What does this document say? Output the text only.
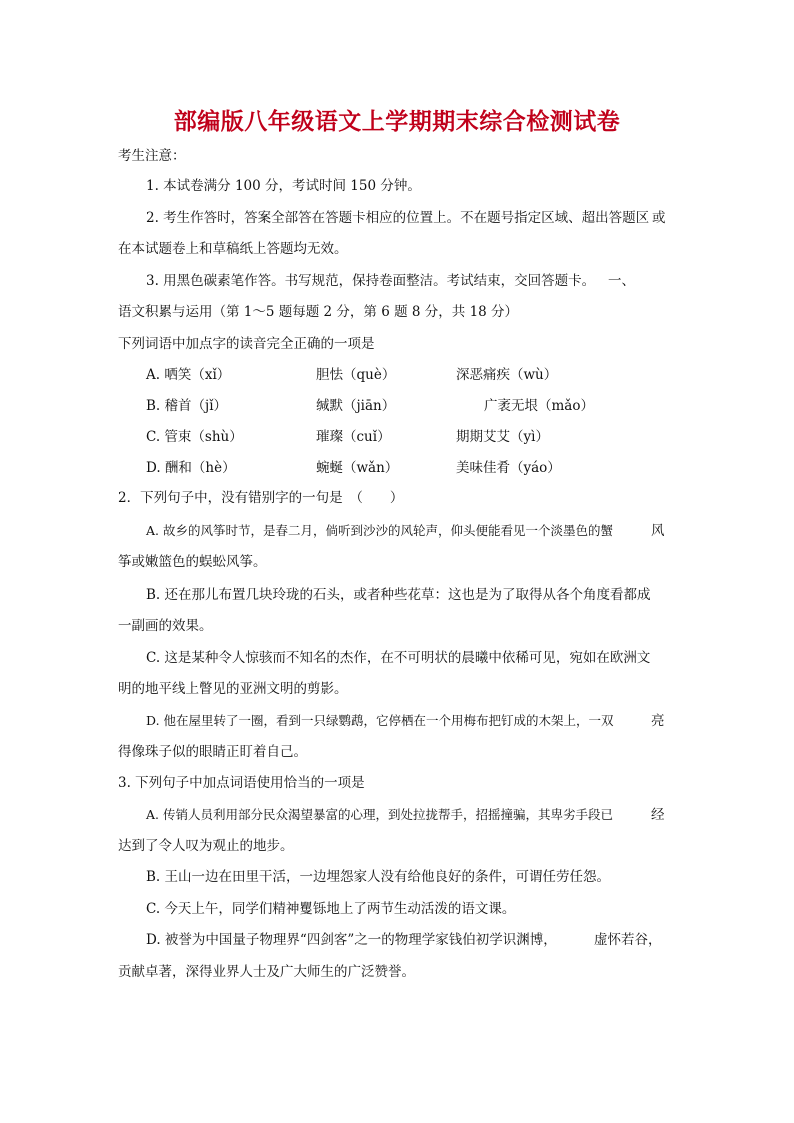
部编版八年级语文上学期期末综合检测试卷
考生注意：
1. 本试卷满分 100 分，考试时间 150 分钟。
2. 考生作答时，答案全部答在答题卡相应的位置上。不在题号指定区域、超出答题区 或
在本试题卷上和草稿纸上答题均无效。
3. 用黑色碳素笔作答。书写规范，保持卷面整洁。考试结束，交回答题卡。 一、
语文积累与运用（第 1～5 题每题 2 分，第 6 题 8 分，共 18 分）
下列词语中加点字的读音完全正确的一项是
A. 哂笑（xǐ）	胆怯（què）	深恶痛疾（wù）
B. 稽首（jǐ）	缄默（jiān）	广袤无垠（mǎo）
C. 管束（shù）	璀璨（cuǐ）	期期艾艾（yì）
D. 酬和（hè）	蜿蜒（wǎn）	美味佳肴（yáo）
2．下列句子中，没有错别字的一句是　（　　）
A. 故乡的风筝时节，是春二月，倘听到沙沙的风轮声，仰头便能看见一个淡墨色的蟹	风
筝或嫩篮色的蜈蚣风筝。
B. 还在那儿布置几块玲珑的石头，或者种些花草：这也是为了取得从各个角度看都成
一副画的效果。
C. 这是某种令人惊骇而不知名的杰作，在不可明状的晨曦中依稀可见，宛如在欧洲文
明的地平线上瞥见的亚洲文明的剪影。
D. 他在屋里转了一圈，看到一只绿鹦鹉，它停栖在一个用梅布把钉成的木架上，一双	亮
得像珠子似的眼睛正盯着自己。
3. 下列句子中加点词语使用恰当的一项是
A. 传销人员利用部分民众渴望暴富的心理，到处拉拢帮手，招摇撞骗，其卑劣手段已	经
达到了令人叹为观止的地步。
B. 王山一边在田里干活，一边埋怨家人没有给他良好的条件，可谓任劳任怨。
C. 今天上午，同学们精神矍铄地上了两节生动活泼的语文课。
D. 被誉为中国量子物理界“四剑客”之一的物理学家钱伯初学识渊博，	虚怀若谷，
贡献卓著，深得业界人士及广大师生的广泛赞誉。
